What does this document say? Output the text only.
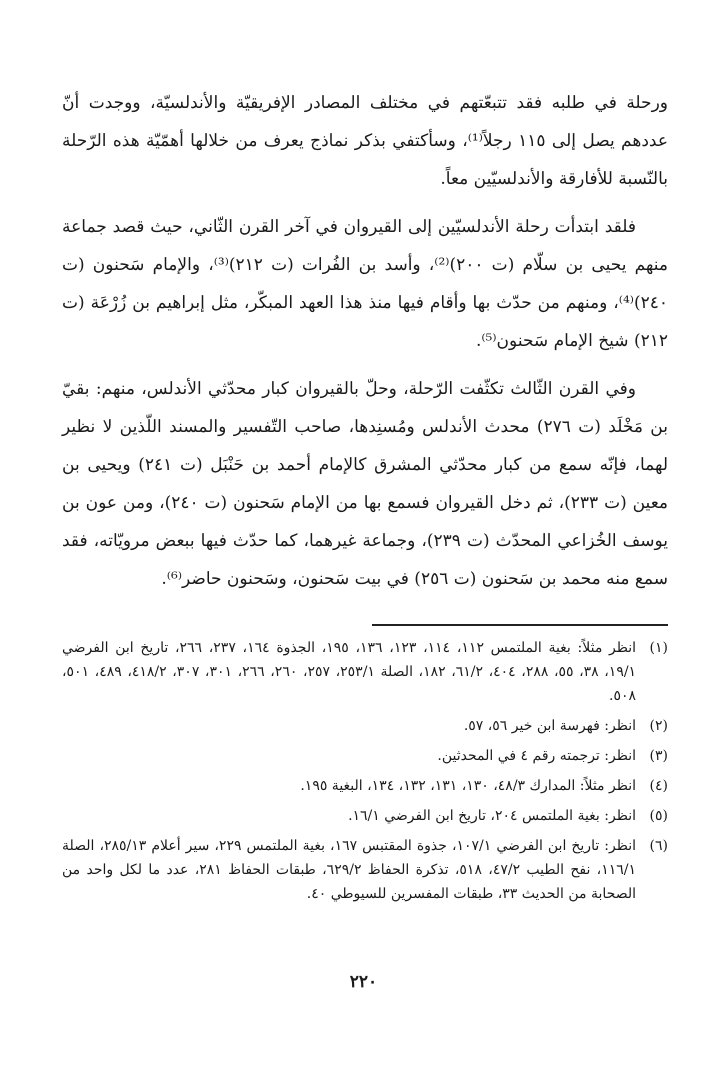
ورحلة في طلبه فقد تتبعّتهم في مختلف المصادر الإفريقيّة والأندلسيّة، ووجدت أنّ عددهم يصل إلى ١١٥ رجلاً⁽¹⁾، وسأكتفي بذكر نماذج يعرف من خلالها أهمّيّة هذه الرّحلة بالنّسبة للأفارقة والأندلسيّين معاً.

فلقد ابتدأت رحلة الأندلسيّين إلى القيروان في آخر القرن الثّاني، حيث قصد جماعة منهم يحيى بن سلّام (ت ٢٠٠)⁽²⁾، وأسد بن الفُرات (ت ٢١٢)⁽³⁾، والإمام سَحنون (ت ٢٤٠)⁽⁴⁾، ومنهم من حدّث بها وأقام فيها منذ هذا العهد المبكّر، مثل إبراهيم بن زُرْعَة (ت ٢١٢) شيخ الإمام سَحنون⁽⁵⁾.

وفي القرن الثّالث تكثّفت الرّحلة، وحلّ بالقيروان كبار محدّثي الأندلس، منهم: بقيّ بن مَخْلَد (ت ٢٧٦) محدث الأندلس ومُسنِدها، صاحب التّفسير والمسند اللّذين لا نظير لهما، فإنّه سمع من كبار محدّثي المشرق كالإمام أحمد بن حَنْبَل (ت ٢٤١) ويحيى بن معين (ت ٢٣٣)، ثم دخل القيروان فسمع بها من الإمام سَحنون (ت ٢٤٠)، ومن عون بن يوسف الخُزاعي المحدّث (ت ٢٣٩)، وجماعة غيرهما، كما حدّث فيها ببعض مرويّاته، فقد سمع منه محمد بن سَحنون (ت ٢٥٦) في بيت سَحنون، وسَحنون حاضر⁽⁶⁾.

(١)
انظر مثلاً: بغية الملتمس ١١٢، ١١٤، ١٢٣، ١٣٦، ١٩٥، الجذوة ١٦٤، ٢٣٧، ٢٦٦، تاريخ ابن الفرضي ١٩/١، ٣٨، ٥٥، ٢٨٨، ٤٠٤، ٦١/٢، ١٨٢، الصلة ٢٥٣/١، ٢٥٧، ٢٦٠، ٢٦٦، ٣٠١، ٣٠٧، ٤١٨/٢، ٤٨٩، ٥٠١، ٥٠٨.
(٢)
انظر: فهرسة ابن خير ٥٦، ٥٧.
(٣)
انظر: ترجمته رقم ٤ في المحدثين.
(٤)
انظر مثلاً: المدارك ٤٨/٣، ١٣٠، ١٣١، ١٣٢، ١٣٤، البغية ١٩٥.
(٥)
انظر: بغية الملتمس ٢٠٤، تاريخ ابن الفرضي ١٦/١.
(٦)
انظر: تاريخ ابن الفرضي ١٠٧/١، جذوة المقتبس ١٦٧، بغية الملتمس ٢٢٩، سير أعلام ٢٨٥/١٣، الصلة ١١٦/١، نفح الطيب ٤٧/٢، ٥١٨، تذكرة الحفاظ ٦٢٩/٢، طبقات الحفاظ ٢٨١، عدد ما لكل واحد من الصحابة من الحديث ٣٣، طبقات المفسرين للسيوطي ٤٠.
٢٢٠
